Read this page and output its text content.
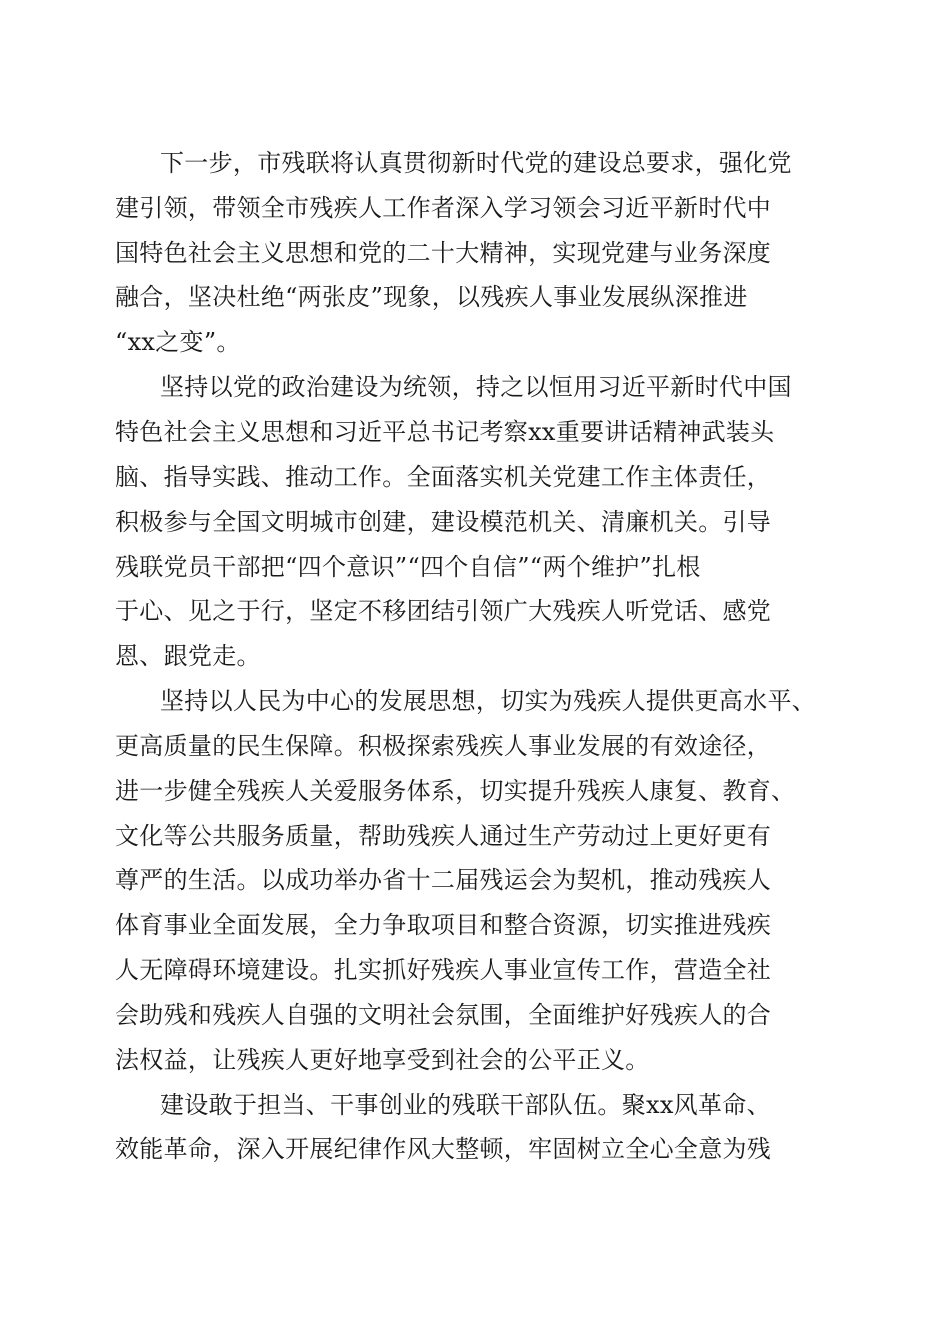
下一步，市残联将认真贯彻新时代党的建设总要求，强化党
建引领，带领全市残疾人工作者深入学习领会习近平新时代中
国特色社会主义思想和党的二十大精神，实现党建与业务深度
融合，坚决杜绝“两张皮”现象，以残疾人事业发展纵深推进
“xx之变”。
坚持以党的政治建设为统领，持之以恒用习近平新时代中国
特色社会主义思想和习近平总书记考察xx重要讲话精神武装头
脑、指导实践、推动工作。全面落实机关党建工作主体责任，
积极参与全国文明城市创建，建设模范机关、清廉机关。引导
残联党员干部把“四个意识”“四个自信”“两个维护”扎根
于心、见之于行，坚定不移团结引领广大残疾人听党话、感党
恩、跟党走。
坚持以人民为中心的发展思想，切实为残疾人提供更高水平、
更高质量的民生保障。积极探索残疾人事业发展的有效途径，
进一步健全残疾人关爱服务体系，切实提升残疾人康复、教育、
文化等公共服务质量，帮助残疾人通过生产劳动过上更好更有
尊严的生活。以成功举办省十二届残运会为契机，推动残疾人
体育事业全面发展，全力争取项目和整合资源，切实推进残疾
人无障碍环境建设。扎实抓好残疾人事业宣传工作，营造全社
会助残和残疾人自强的文明社会氛围，全面维护好残疾人的合
法权益，让残疾人更好地享受到社会的公平正义。
建设敢于担当、干事创业的残联干部队伍。聚xx风革命、
效能革命，深入开展纪律作风大整顿，牢固树立全心全意为残
